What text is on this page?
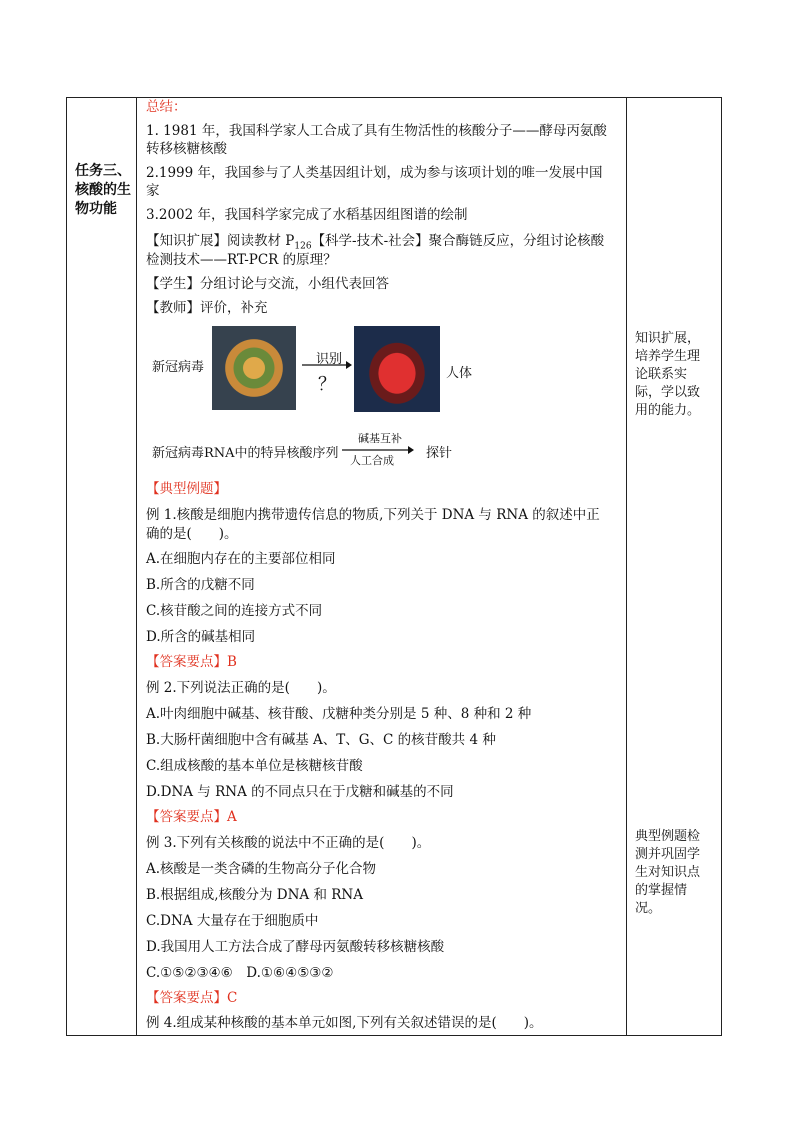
任务三、核酸的生物功能
总结：
1. 1981 年，我国科学家人工合成了具有生物活性的核酸分子——酵母丙氨酸
转移核糖核酸
2.1999 年，我国参与了人类基因组计划，成为参与该项计划的唯一发展中国
家
3.2002 年，我国科学家完成了水稻基因组图谱的绘制
【知识扩展】阅读教材 $P_{126}$【科学-技术-社会】聚合酶链反应，分组讨论核酸
检测技术——RT-PCR 的原理？
【学生】分组讨论与交流，小组代表回答
【教师】评价，补充
新冠病毒
识别
？
人体
新冠病毒RNA中的特异核酸序列
碱基互补
人工合成 探针
【典型例题】
例 1.核酸是细胞内携带遗传信息的物质,下列关于 DNA 与 RNA 的叙述中正
确的是(　　)。
A.在细胞内存在的主要部位相同
B.所含的戊糖不同
C.核苷酸之间的连接方式不同
D.所含的碱基相同
【答案要点】B
例 2.下列说法正确的是(　　)。
A.叶肉细胞中碱基、核苷酸、戊糖种类分别是 5 种、8 种和 2 种
B.大肠杆菌细胞中含有碱基 A、T、G、C 的核苷酸共 4 种
C.组成核酸的基本单位是核糖核苷酸
D.DNA 与 RNA 的不同点只在于戊糖和碱基的不同
【答案要点】A
例 3.下列有关核酸的说法中不正确的是(　　)。
A.核酸是一类含磷的生物高分子化合物
B.根据组成,核酸分为 DNA 和 RNA
C.DNA 大量存在于细胞质中
D.我国用人工方法合成了酵母丙氨酸转移核糖核酸
C.①⑤②③④⑥　D.①⑥④⑤③②
【答案要点】C
例 4.组成某种核酸的基本单元如图,下列有关叙述错误的是(　　)。
知识扩展，
培养学生理
论联系实
际，学以致
用的能力。
典型例题检
测并巩固学
生对知识点
的掌握情
况。
